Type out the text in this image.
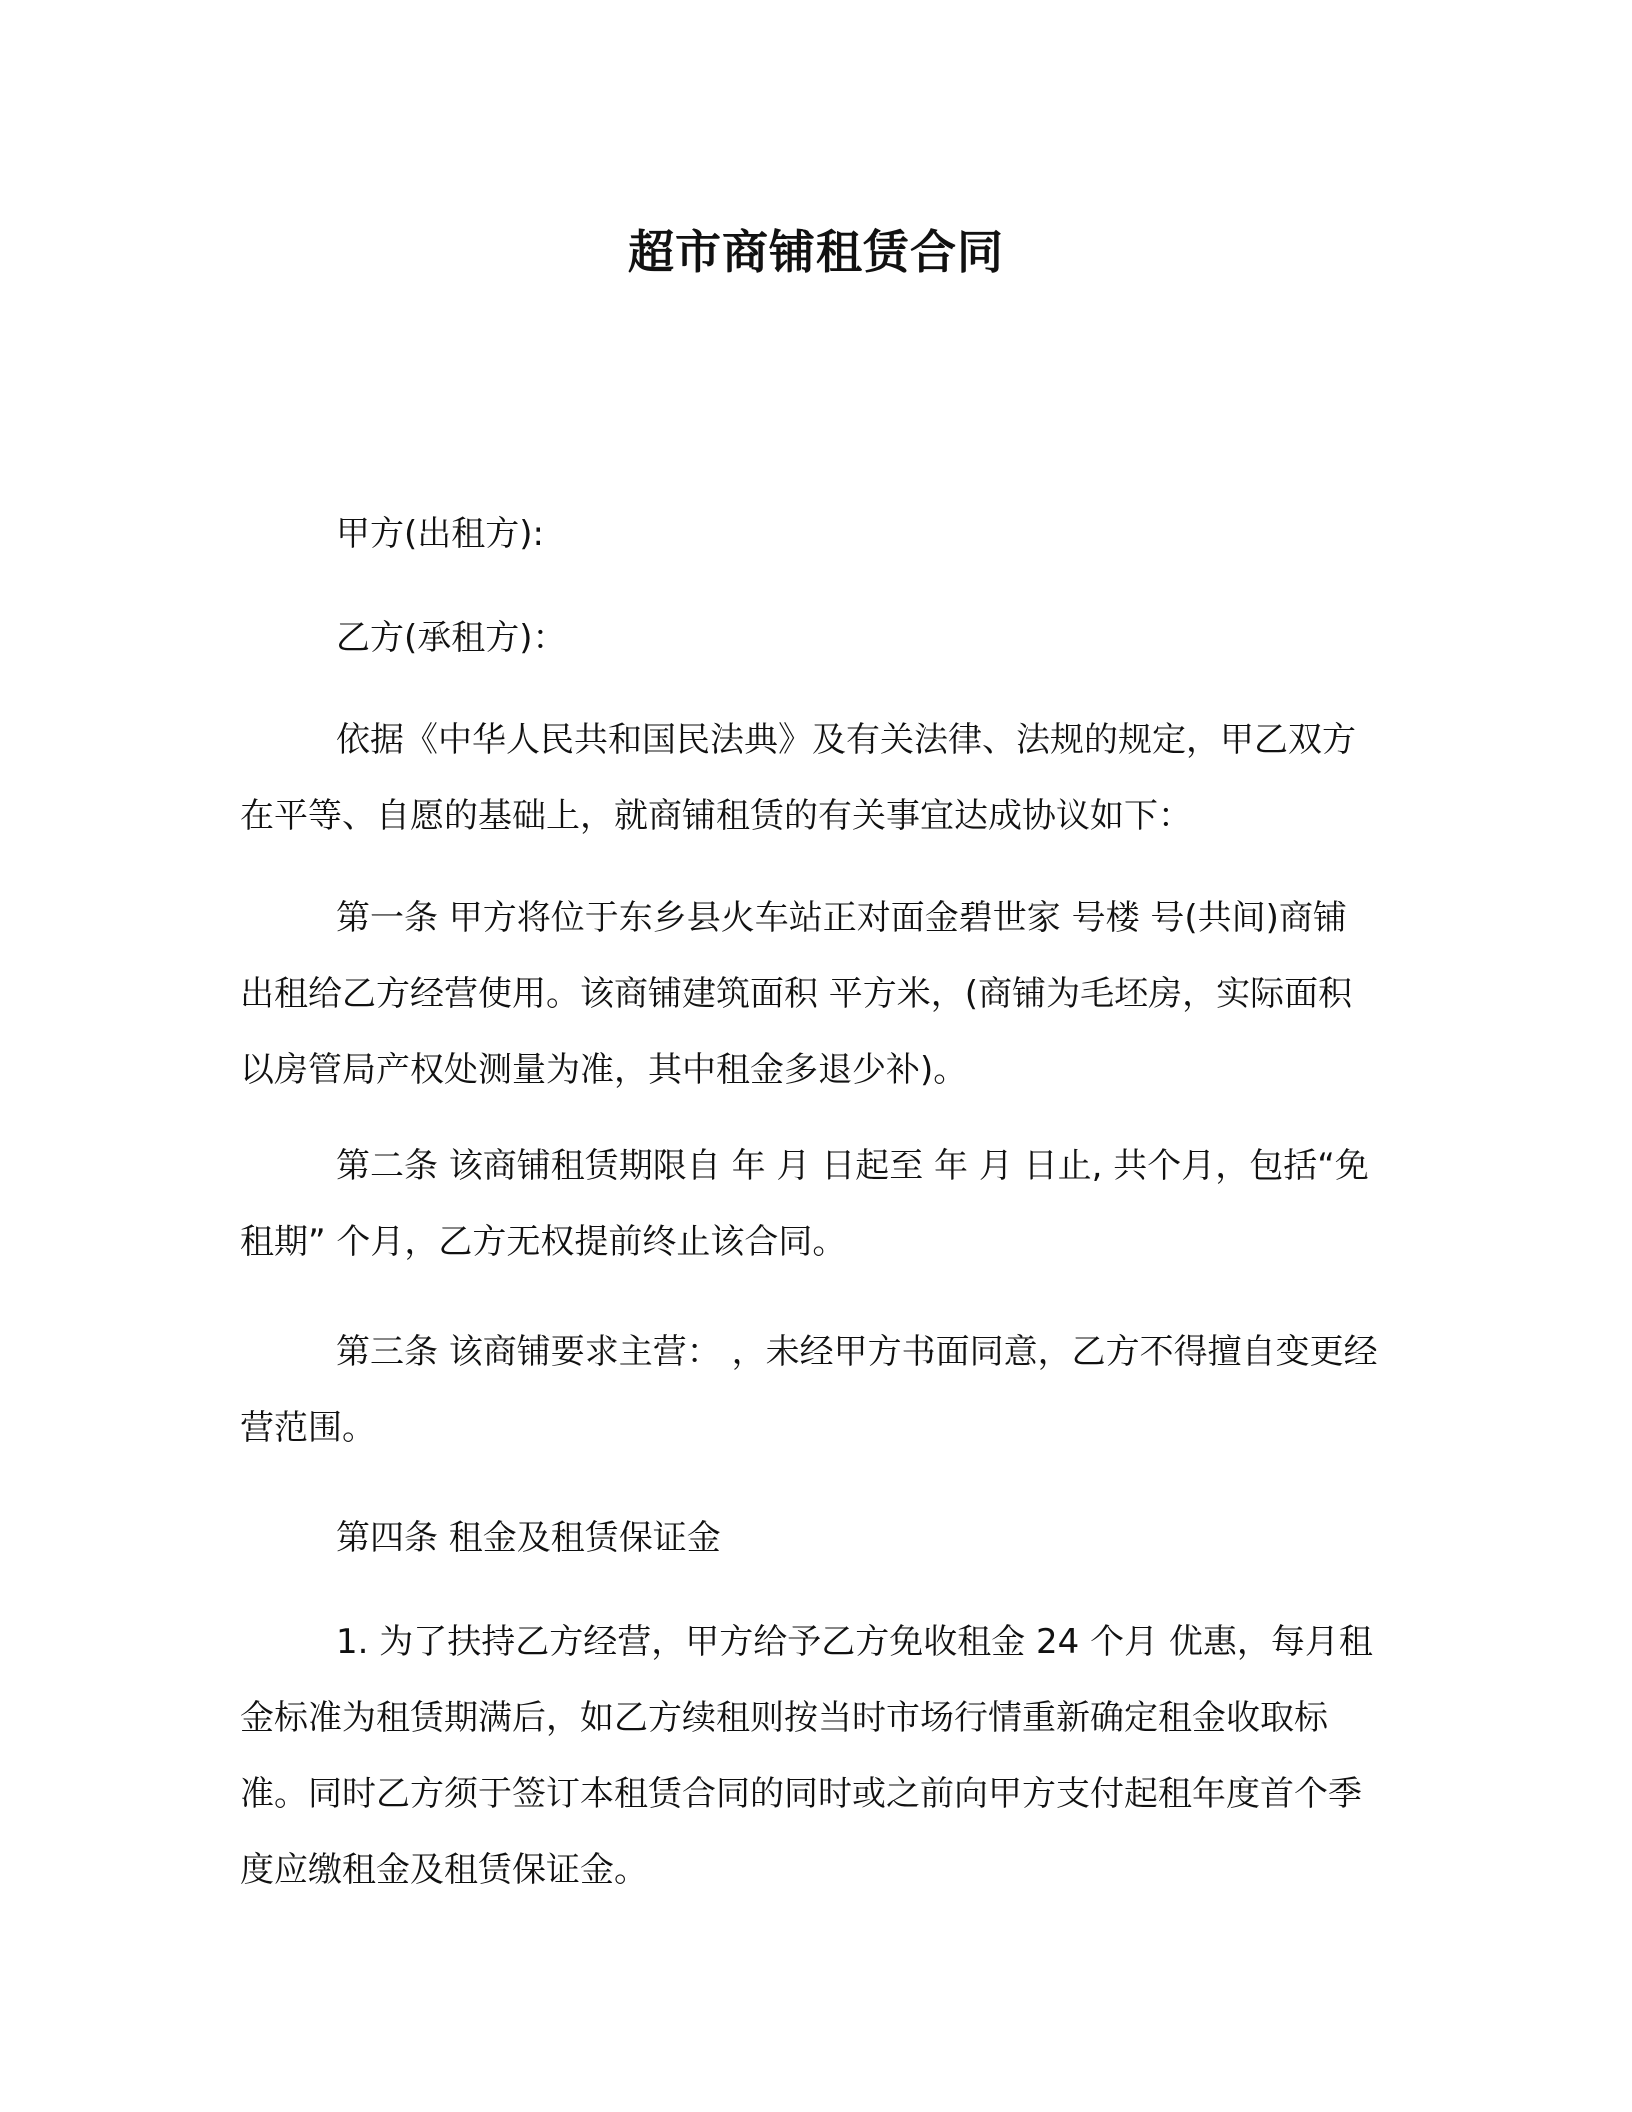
超市商铺租赁合同

甲方(出租方):

乙方(承租方)：

依据《中华人民共和国民法典》及有关法律、法规的规定，甲乙双方在平等、自愿的基础上，就商铺租赁的有关事宜达成协议如下：

第一条 甲方将位于东乡县火车站正对面金碧世家 号楼 号(共间)商铺出租给乙方经营使用。该商铺建筑面积 平方米，(商铺为毛坯房，实际面积以房管局产权处测量为准，其中租金多退少补)。

第二条 该商铺租赁期限自 年 月 日起至 年 月 日止, 共个月，包括“免租期” 个月，乙方无权提前终止该合同。

第三条 该商铺要求主营： ，未经甲方书面同意，乙方不得擅自变更经营范围。

第四条 租金及租赁保证金

1. 为了扶持乙方经营，甲方给予乙方免收租金 24 个月 优惠，每月租金标准为租赁期满后，如乙方续租则按当时市场行情重新确定租金收取标准。同时乙方须于签订本租赁合同的同时或之前向甲方支付起租年度首个季度应缴租金及租赁保证金。
